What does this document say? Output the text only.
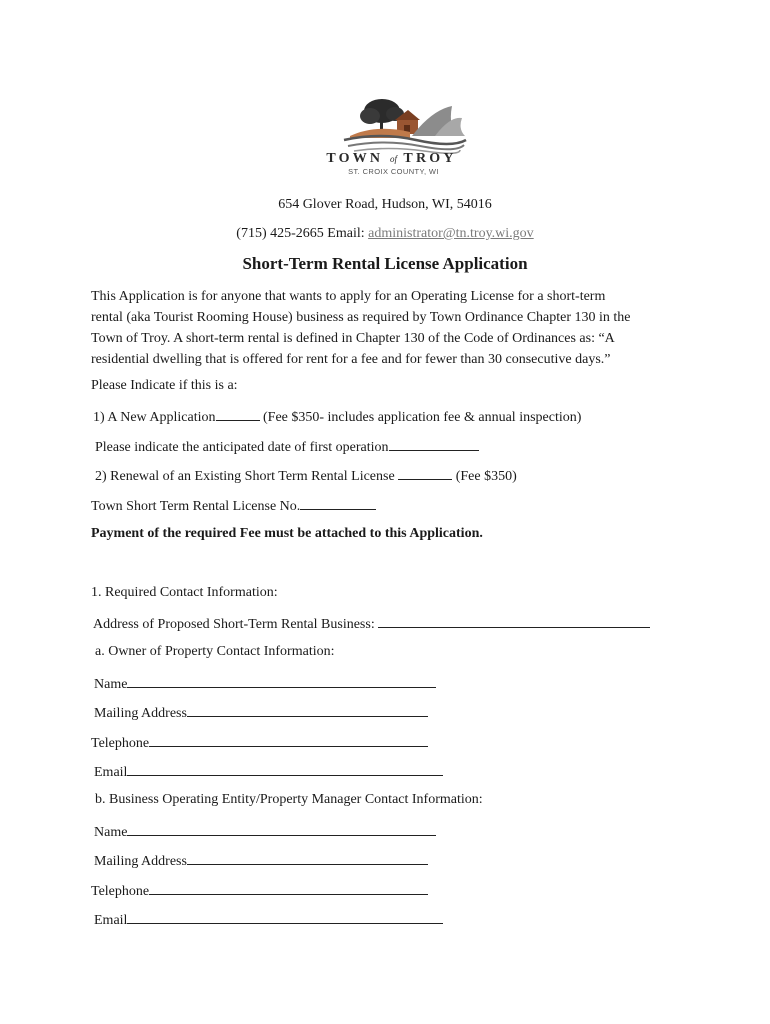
TOWN of TROY
ST. CROIX COUNTY, WI
654 Glover Road, Hudson, WI, 54016
(715) 425-2665 Email: administrator@tn.troy.wi.gov
Short-Term Rental License Application
This Application is for anyone that wants to apply for an Operating License for a short-term
rental (aka Tourist Rooming House) business as required by Town Ordinance Chapter 130 in the
Town of Troy. A short-term rental is defined in Chapter 130 of the Code of Ordinances as: “A
residential dwelling that is offered for rent for a fee and for fewer than 30 consecutive days.”
Please Indicate if this is a:
1) A New Application	(Fee $350- includes application fee & annual inspection)
Please indicate the anticipated date of first operation
2) Renewal of an Existing Short Term Rental License	(Fee $350)
Town Short Term Rental License No.
Payment of the required Fee must be attached to this Application.
1. Required Contact Information:
Address of Proposed Short-Term Rental Business:
a. Owner of Property Contact Information:
Name
Mailing Address
Telephone
Email
b. Business Operating Entity/Property Manager Contact Information:
Name
Mailing Address
Telephone
Email
